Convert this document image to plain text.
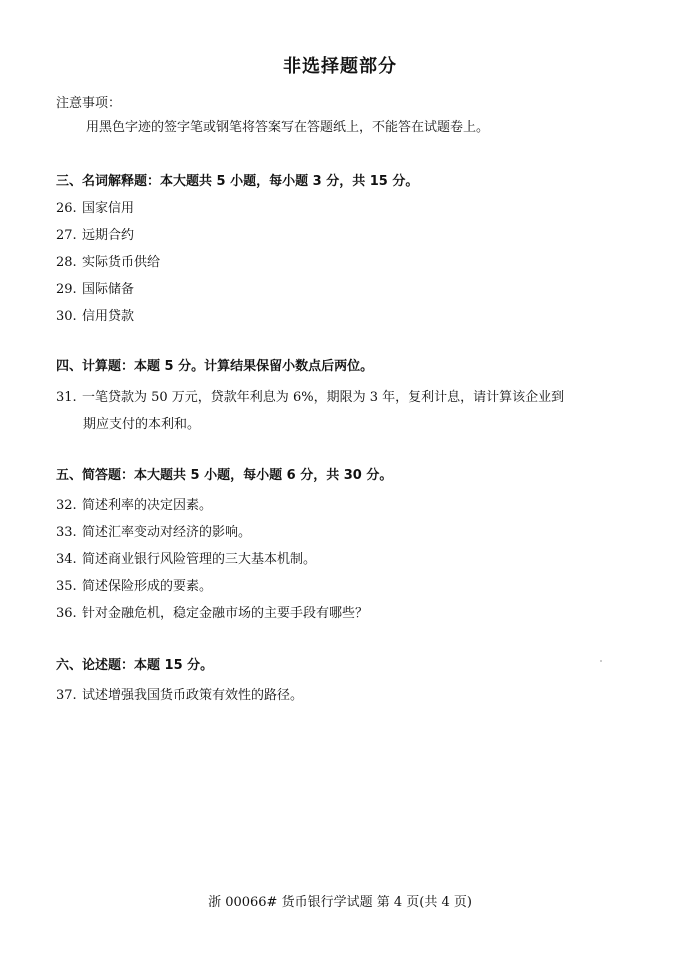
非选择题部分
注意事项：
用黑色字迹的签字笔或钢笔将答案写在答题纸上，不能答在试题卷上。
三、名词解释题：本大题共 5 小题，每小题 3 分，共 15 分。
26. 国家信用
27. 远期合约
28. 实际货币供给
29. 国际储备
30. 信用贷款
四、计算题：本题 5 分。计算结果保留小数点后两位。
31. 一笔贷款为 50 万元，贷款年利息为 6%，期限为 3 年，复利计息，请计算该企业到
期应支付的本利和。
五、简答题：本大题共 5 小题，每小题 6 分，共 30 分。
32. 简述利率的决定因素。
33. 简述汇率变动对经济的影响。
34. 简述商业银行风险管理的三大基本机制。
35. 简述保险形成的要素。
36. 针对金融危机，稳定金融市场的主要手段有哪些？
六、论述题：本题 15 分。
37. 试述增强我国货币政策有效性的路径。
浙 00066# 货币银行学试题 第 4 页(共 4 页)
